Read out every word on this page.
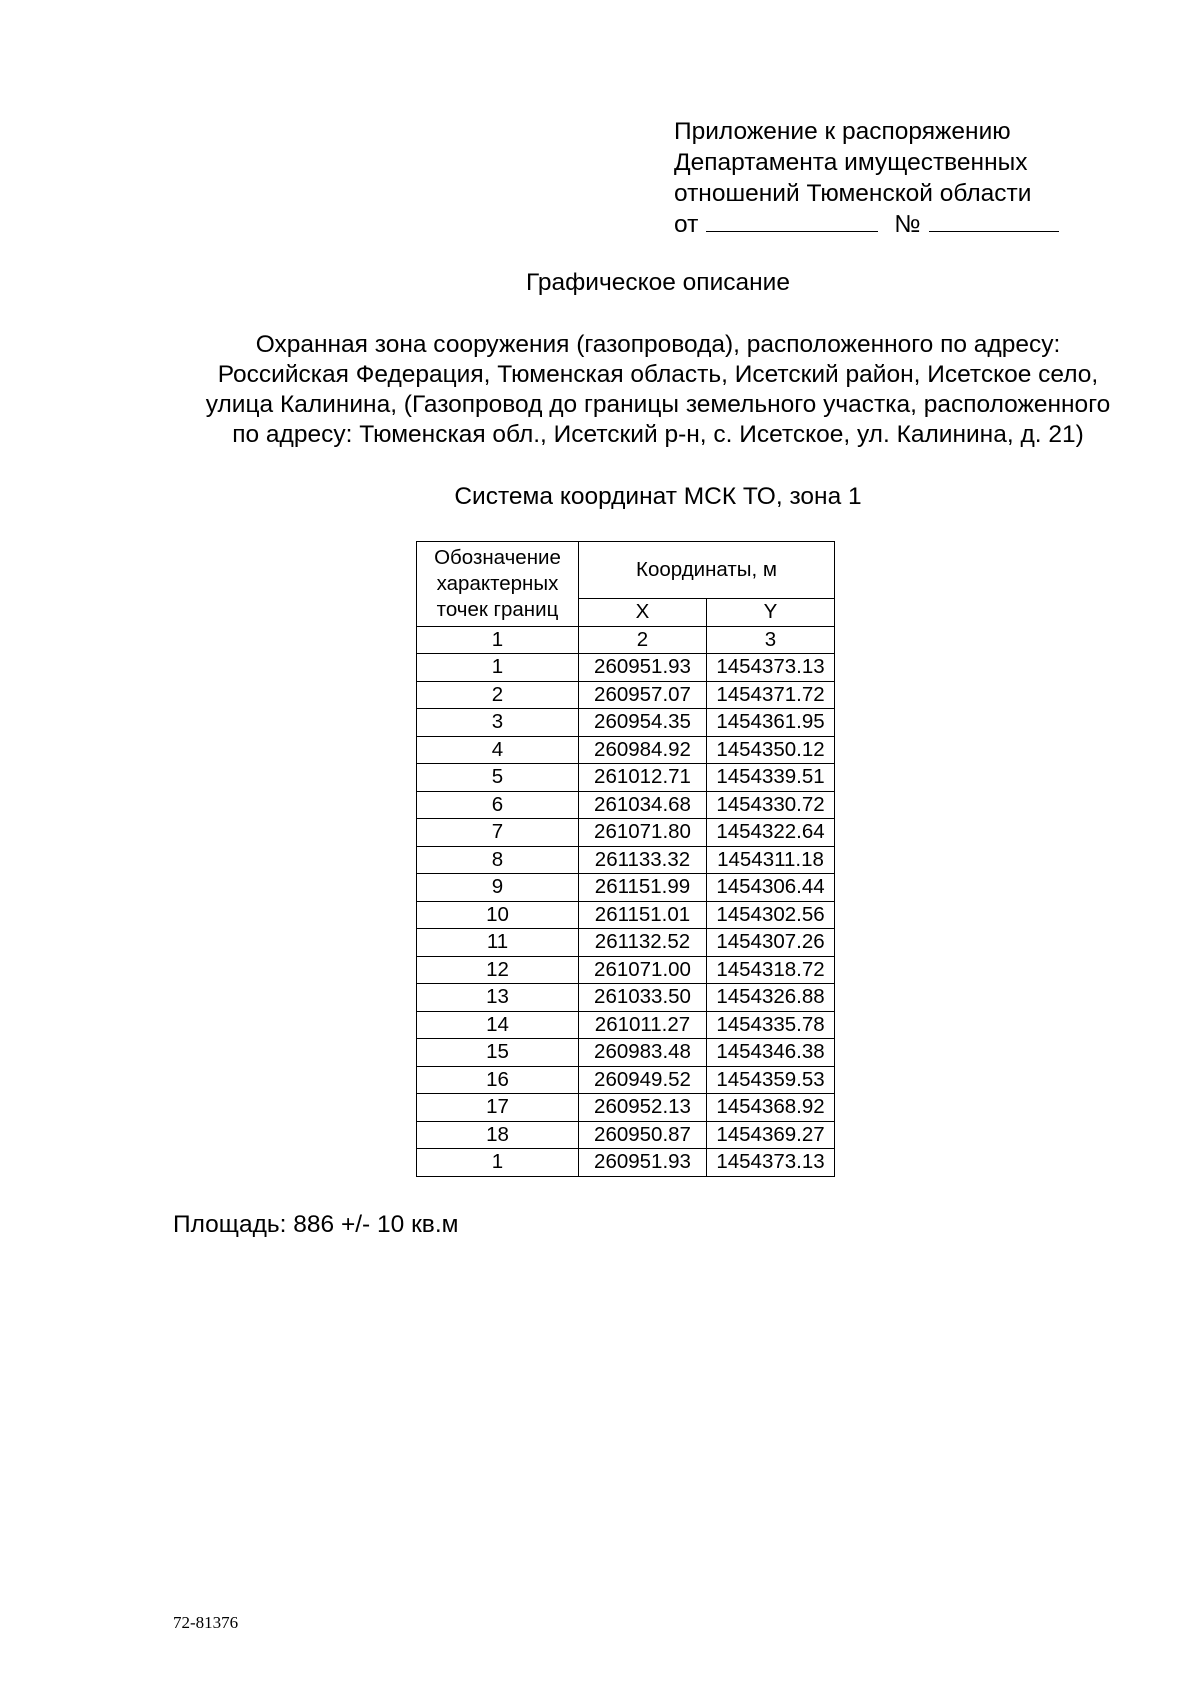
Приложение к распоряжению
Департамента имущественных
отношений Тюменской области
от	№
Графическое описание
Охранная зона сооружения (газопровода), расположенного по адресу:
Российская Федерация, Тюменская область, Исетский район, Исетское село,
улица Калинина, (Газопровод до границы земельного участка, расположенного
по адресу: Тюменская обл., Исетский р-н, с. Исетское, ул. Калинина, д. 21)
Система координат МСК ТО, зона 1
Обозначение
характерных
точек границ	Координаты, м	
	X	Y
1	2	3
1	260951.93	1454373.13
2	260957.07	1454371.72
3	260954.35	1454361.95
4	260984.92	1454350.12
5	261012.71	1454339.51
6	261034.68	1454330.72
7	261071.80	1454322.64
8	261133.32	1454311.18
9	261151.99	1454306.44
10	261151.01	1454302.56
11	261132.52	1454307.26
12	261071.00	1454318.72
13	261033.50	1454326.88
14	261011.27	1454335.78
15	260983.48	1454346.38
16	260949.52	1454359.53
17	260952.13	1454368.92
18	260950.87	1454369.27
1	260951.93	1454373.13
Площадь: 886 +/- 10 кв.м
72-81376
